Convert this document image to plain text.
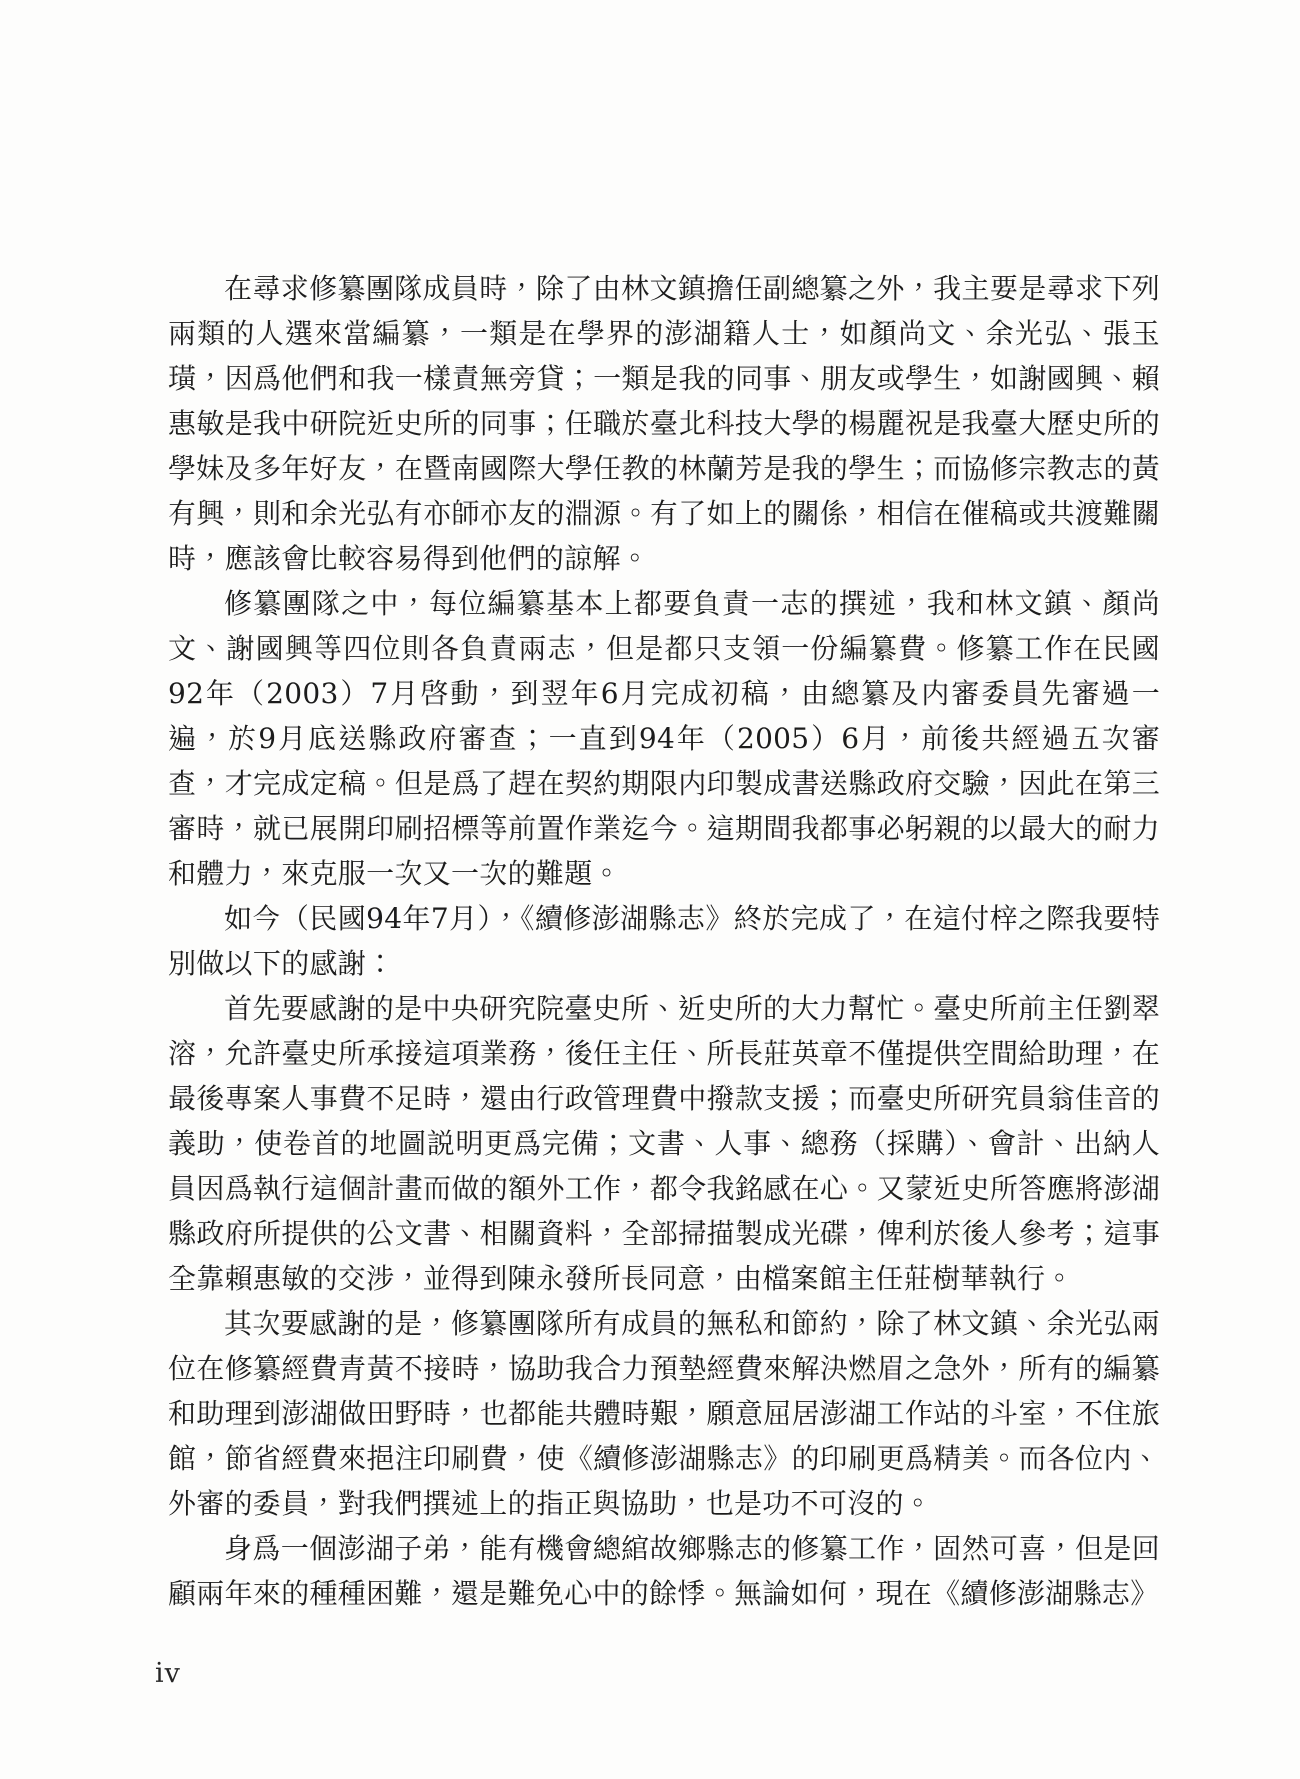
在尋求修纂團隊成員時，除了由林文鎮擔任副總纂之外，我主要是尋求下列兩類的人選來當編纂，一類是在學界的澎湖籍人士，如顏尚文、余光弘、張玉璜，因爲他們和我一樣責無旁貸；一類是我的同事、朋友或學生，如謝國興、賴惠敏是我中研院近史所的同事；任職於臺北科技大學的楊麗祝是我臺大歷史所的學妹及多年好友，在暨南國際大學任教的林蘭芳是我的學生；而協修宗教志的黃有興，則和余光弘有亦師亦友的淵源。有了如上的關係，相信在催稿或共渡難關時，應該會比較容易得到他們的諒解。

修纂團隊之中，每位編纂基本上都要負責一志的撰述，我和林文鎮、顏尚文、謝國興等四位則各負責兩志，但是都只支領一份編纂費。修纂工作在民國92年（2003）7月啓動，到翌年6月完成初稿，由總纂及内審委員先審過一遍，於9月底送縣政府審查；一直到94年（2005）6月，前後共經過五次審查，才完成定稿。但是爲了趕在契約期限内印製成書送縣政府交驗，因此在第三審時，就已展開印刷招標等前置作業迄今。這期間我都事必躬親的以最大的耐力和體力，來克服一次又一次的難題。

如今（民國94年7月），《續修澎湖縣志》終於完成了，在這付梓之際我要特別做以下的感謝：

首先要感謝的是中央研究院臺史所、近史所的大力幫忙。臺史所前主任劉翠溶，允許臺史所承接這項業務，後任主任、所長莊英章不僅提供空間給助理，在最後專案人事費不足時，還由行政管理費中撥款支援；而臺史所研究員翁佳音的義助，使卷首的地圖説明更爲完備；文書、人事、總務（採購）、會計、出納人員因爲執行這個計畫而做的額外工作，都令我銘感在心。又蒙近史所答應將澎湖縣政府所提供的公文書、相關資料，全部掃描製成光碟，俾利於後人參考；這事全靠賴惠敏的交涉，並得到陳永發所長同意，由檔案館主任莊樹華執行。

其次要感謝的是，修纂團隊所有成員的無私和節約，除了林文鎮、余光弘兩位在修纂經費青黃不接時，協助我合力預墊經費來解決燃眉之急外，所有的編纂和助理到澎湖做田野時，也都能共體時艱，願意屈居澎湖工作站的斗室，不住旅館，節省經費來挹注印刷費，使《續修澎湖縣志》的印刷更爲精美。而各位内、外審的委員，對我們撰述上的指正與協助，也是功不可沒的。

身爲一個澎湖子弟，能有機會總綰故鄉縣志的修纂工作，固然可喜，但是回顧兩年來的種種困難，還是難免心中的餘悸。無論如何，現在《續修澎湖縣志》

iv
